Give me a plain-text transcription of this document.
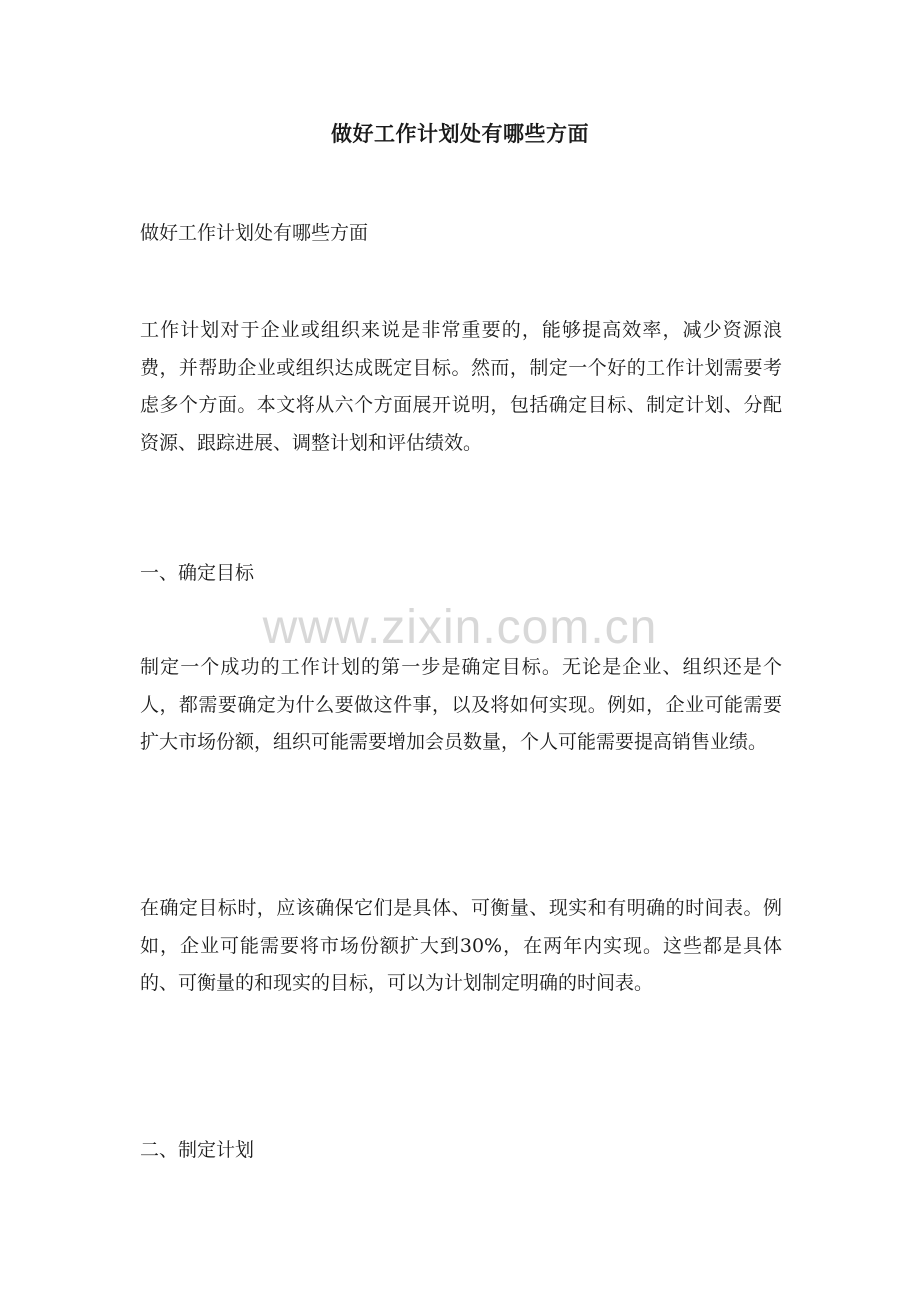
做好工作计划处有哪些方面
做好工作计划处有哪些方面
工作计划对于企业或组织来说是非常重要的，能够提高效率，减少资源浪费，并帮助企业或组织达成既定目标。然而，制定一个好的工作计划需要考虑多个方面。本文将从六个方面展开说明，包括确定目标、制定计划、分配资源、跟踪进展、调整计划和评估绩效。
一、确定目标
制定一个成功的工作计划的第一步是确定目标。无论是企业、组织还是个人，都需要确定为什么要做这件事，以及将如何实现。例如，企业可能需要扩大市场份额，组织可能需要增加会员数量，个人可能需要提高销售业绩。
在确定目标时，应该确保它们是具体、可衡量、现实和有明确的时间表。例如，企业可能需要将市场份额扩大到30%，在两年内实现。这些都是具体的、可衡量的和现实的目标，可以为计划制定明确的时间表。
二、制定计划
www.zixin.com.cn
